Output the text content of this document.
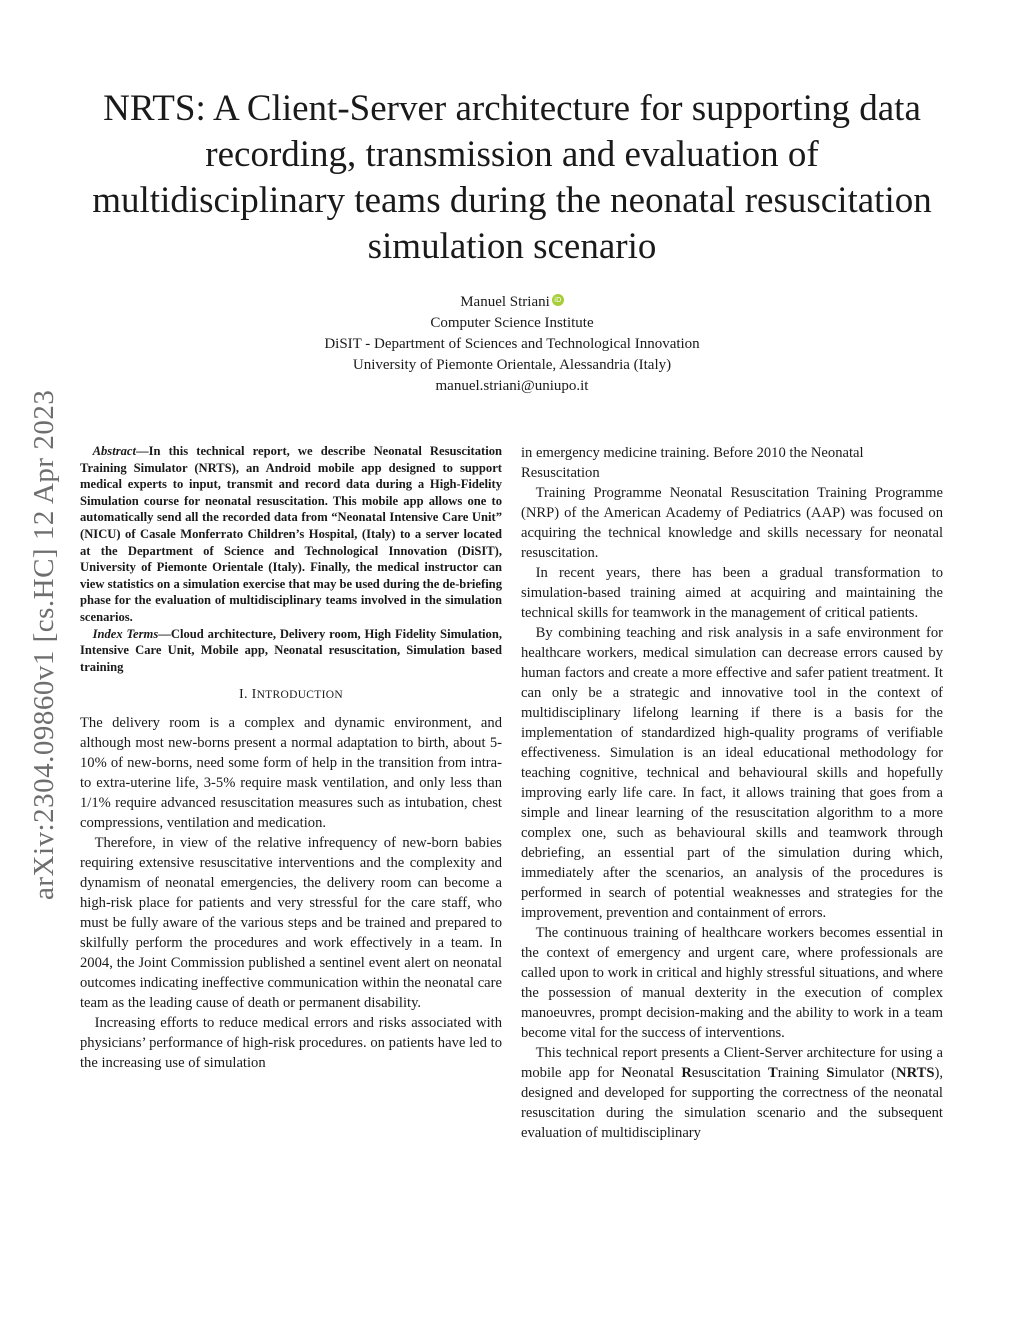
arXiv:2304.09860v1 [cs.HC] 12 Apr 2023
NRTS: A Client-Server architecture for supporting data recording, transmission and evaluation of multidisciplinary teams during the neonatal resuscitation simulation scenario
Manuel Striani iD
Computer Science Institute
DiSIT - Department of Sciences and Technological Innovation
University of Piemonte Orientale, Alessandria (Italy)
manuel.striani@uniupo.it

Abstract—In this technical report, we describe Neonatal Resuscitation Training Simulator (NRTS), an Android mobile app designed to support medical experts to input, transmit and record data during a High-Fidelity Simulation course for neonatal resuscitation. This mobile app allows one to automatically send all the recorded data from “Neonatal Intensive Care Unit” (NICU) of Casale Monferrato Children’s Hospital, (Italy) to a server located at the Department of Science and Technological Innovation (DiSIT), University of Piemonte Orientale (Italy). Finally, the medical instructor can view statistics on a simulation exercise that may be used during the de-briefing phase for the evaluation of multidisciplinary teams involved in the simulation scenarios.

Index Terms—Cloud architecture, Delivery room, High Fidelity Simulation, Intensive Care Unit, Mobile app, Neonatal resuscitation, Simulation based training

I. INTRODUCTION

The delivery room is a complex and dynamic environment, and although most new-borns present a normal adaptation to birth, about 5-10% of new-borns, need some form of help in the transition from intra-to extra-uterine life, 3-5% require mask ventilation, and only less than 1/1% require advanced resuscitation measures such as intubation, chest compressions, ventilation and medication.

Therefore, in view of the relative infrequency of new-born babies requiring extensive resuscitative interventions and the complexity and dynamism of neonatal emergencies, the delivery room can become a high-risk place for patients and very stressful for the care staff, who must be fully aware of the various steps and be trained and prepared to skilfully perform the procedures and work effectively in a team. In 2004, the Joint Commission published a sentinel event alert on neonatal outcomes indicating ineffective communication within the neonatal care team as the leading cause of death or permanent disability.

Increasing efforts to reduce medical errors and risks associated with physicians’ performance of high-risk procedures. on patients have led to the increasing use of simulation

in emergency medicine training. Before 2010 the Neonatal

Resuscitation

Training Programme Neonatal Resuscitation Training Programme (NRP) of the American Academy of Pediatrics (AAP) was focused on acquiring the technical knowledge and skills necessary for neonatal resuscitation.

In recent years, there has been a gradual transformation to simulation-based training aimed at acquiring and maintaining the technical skills for teamwork in the management of critical patients.

By combining teaching and risk analysis in a safe environment for healthcare workers, medical simulation can decrease errors caused by human factors and create a more effective and safer patient treatment. It can only be a strategic and innovative tool in the context of multidisciplinary lifelong learning if there is a basis for the implementation of standardized high-quality programs of verifiable effectiveness. Simulation is an ideal educational methodology for teaching cognitive, technical and behavioural skills and hopefully improving early life care. In fact, it allows training that goes from a simple and linear learning of the resuscitation algorithm to a more complex one, such as behavioural skills and teamwork through debriefing, an essential part of the simulation during which, immediately after the scenarios, an analysis of the procedures is performed in search of potential weaknesses and strategies for the improvement, prevention and containment of errors.

The continuous training of healthcare workers becomes essential in the context of emergency and urgent care, where professionals are called upon to work in critical and highly stressful situations, and where the possession of manual dexterity in the execution of complex manoeuvres, prompt decision-making and the ability to work in a team become vital for the success of interventions.

This technical report presents a Client-Server architecture for using a mobile app for Neonatal Resuscitation Training Simulator (NRTS), designed and developed for supporting the correctness of the neonatal resuscitation during the simulation scenario and the subsequent evaluation of multidisciplinary
